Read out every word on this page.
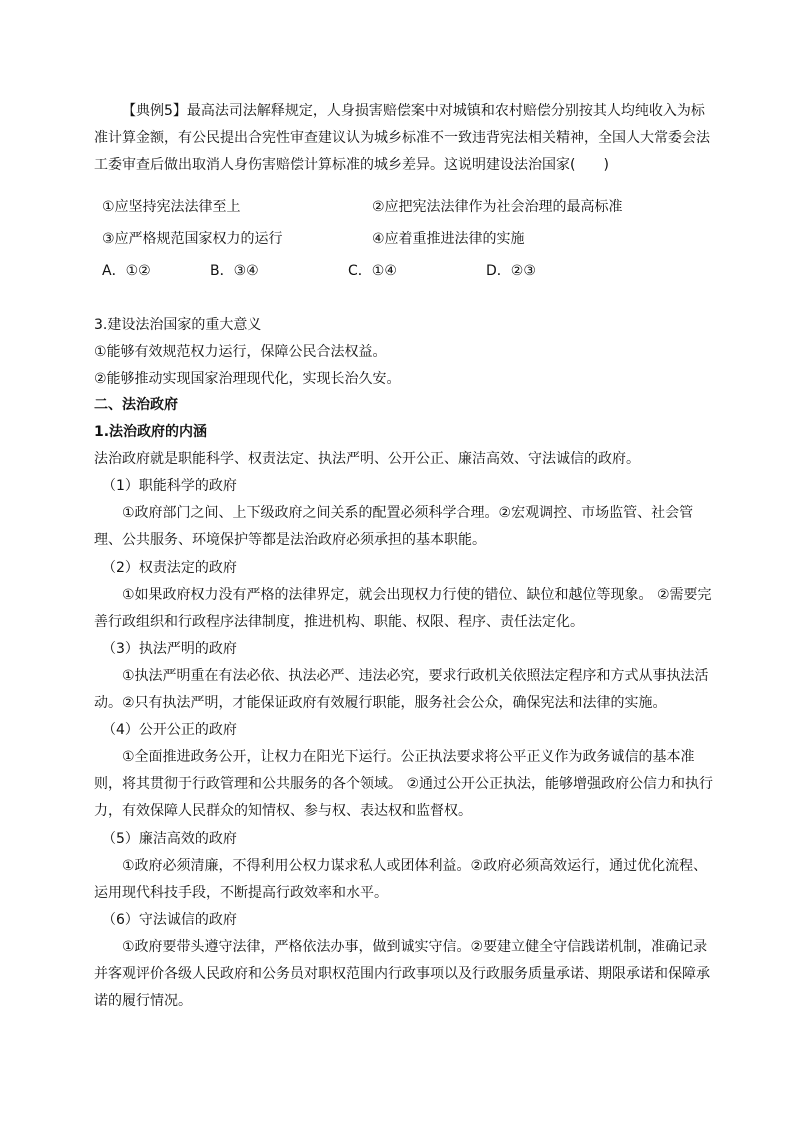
【典例5】最高法司法解释规定，人身损害赔偿案中对城镇和农村赔偿分别按其人均纯收入为标准计算金额，有公民提出合宪性审查建议认为城乡标准不一致违背宪法相关精神，全国人大常委会法工委审查后做出取消人身伤害赔偿计算标准的城乡差异。这说明建设法治国家(　　)

①应坚持宪法法律至上	②应把宪法法律作为社会治理的最高标准
③应严格规范国家权力的运行	④应着重推进法律的实施
A．①②	B．③④	C．①④	D．②③

3.建设法治国家的重大意义

①能够有效规范权力运行，保障公民合法权益。

②能够推动实现国家治理现代化，实现长治久安。

二、法治政府

1.法治政府的内涵

法治政府就是职能科学、权责法定、执法严明、公开公正、廉洁高效、守法诚信的政府。

（1）职能科学的政府

①政府部门之间、上下级政府之间关系的配置必须科学合理。②宏观调控、市场监管、社会管理、公共服务、环境保护等都是法治政府必须承担的基本职能。

（2）权责法定的政府

①如果政府权力没有严格的法律界定，就会出现权力行使的错位、缺位和越位等现象。 ②需要完善行政组织和行政程序法律制度，推进机构、职能、权限、程序、责任法定化。

（3）执法严明的政府

①执法严明重在有法必依、执法必严、违法必究，要求行政机关依照法定程序和方式从事执法活动。②只有执法严明，才能保证政府有效履行职能，服务社会公众，确保宪法和法律的实施。

（4）公开公正的政府

①全面推进政务公开，让权力在阳光下运行。公正执法要求将公平正义作为政务诚信的基本准则，将其贯彻于行政管理和公共服务的各个领域。 ②通过公开公正执法，能够增强政府公信力和执行力，有效保障人民群众的知情权、参与权、表达权和监督权。

（5）廉洁高效的政府

①政府必须清廉，不得利用公权力谋求私人或团体利益。②政府必须高效运行，通过优化流程、运用现代科技手段，不断提高行政效率和水平。

（6）守法诚信的政府

①政府要带头遵守法律，严格依法办事，做到诚实守信。②要建立健全守信践诺机制，准确记录并客观评价各级人民政府和公务员对职权范围内行政事项以及行政服务质量承诺、期限承诺和保障承诺的履行情况。
